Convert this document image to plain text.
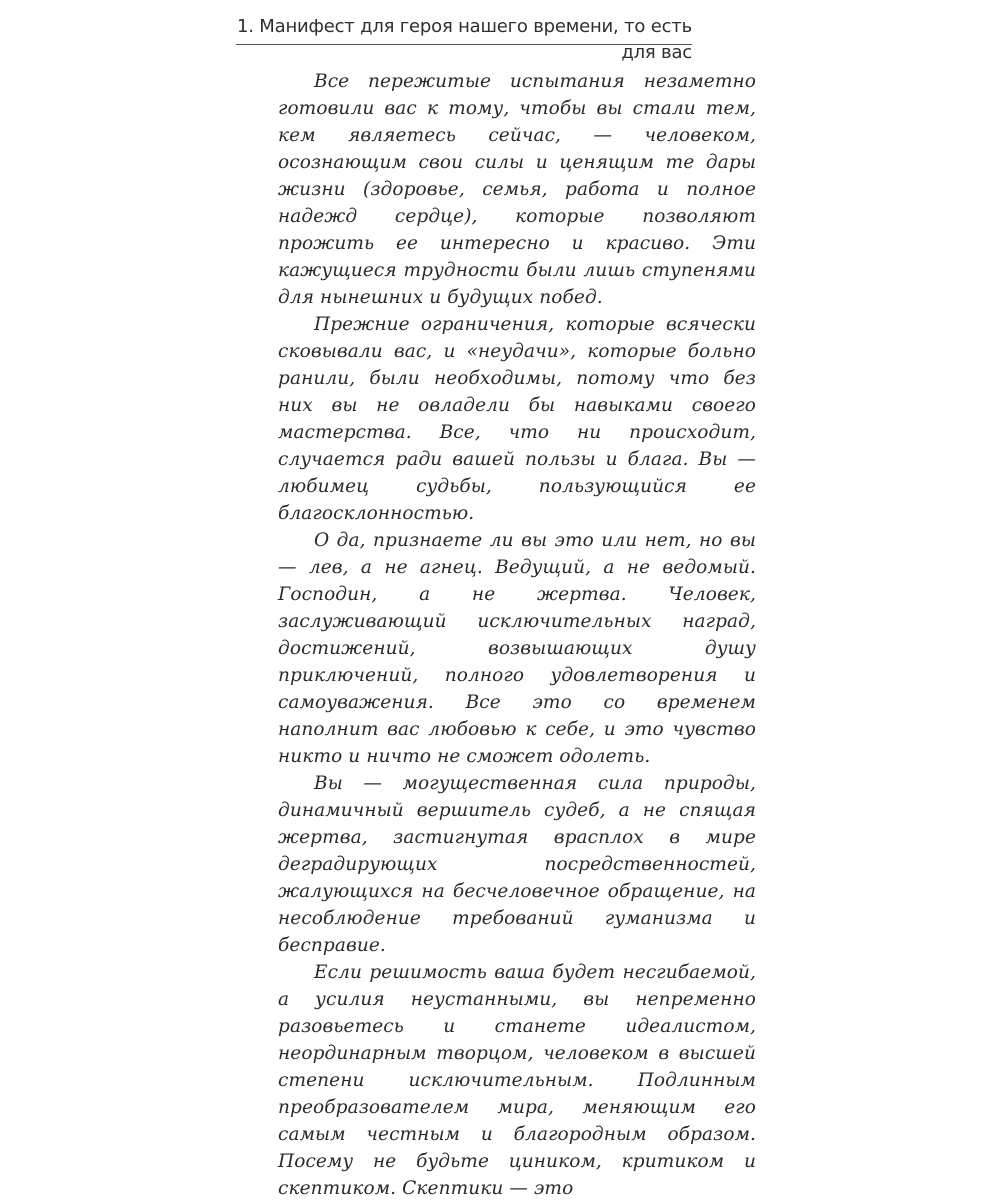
1. Манифест для героя нашего времени, то есть для вас

Все пережитые испытания незаметно готовили вас к тому, чтобы вы стали тем, кем являетесь сейчас, — человеком, осознающим свои силы и ценящим те дары жизни (здоровье, семья, работа и полное надежд сердце), которые позволяют прожить ее интересно и красиво. Эти кажущиеся трудности были лишь ступенями для нынешних и будущих побед.

Прежние ограничения, которые всячески сковывали вас, и «неудачи», которые больно ранили, были необходимы, потому что без них вы не овладели бы навыками своего мастерства. Все, что ни происходит, случается ради вашей пользы и блага. Вы — любимец судьбы, пользующийся ее благосклонностью.

О да, признаете ли вы это или нет, но вы — лев, а не агнец. Ведущий, а не ведомый. Господин, а не жертва. Человек, заслуживающий исключительных наград, достижений, возвышающих душу приключений, полного удовлетворения и самоуважения. Все это со временем наполнит вас любовью к себе, и это чувство никто и ничто не сможет одолеть.

Вы — могущественная сила природы, динамичный вершитель судеб, а не спящая жертва, застигнутая врасплох в мире деградирующих посредственностей, жалующихся на бесчеловечное обращение, на несоблюдение требований гуманизма и бесправие.

Если решимость ваша будет несгибаемой, а усилия неустанными, вы непременно разовьетесь и станете идеалистом, неординарным творцом, человеком в высшей степени исключительным. Подлинным преобразователем мира, меняющим его самым честным и благородным образом. Посему не будьте циником, критиком и скептиком. Скептики — это
